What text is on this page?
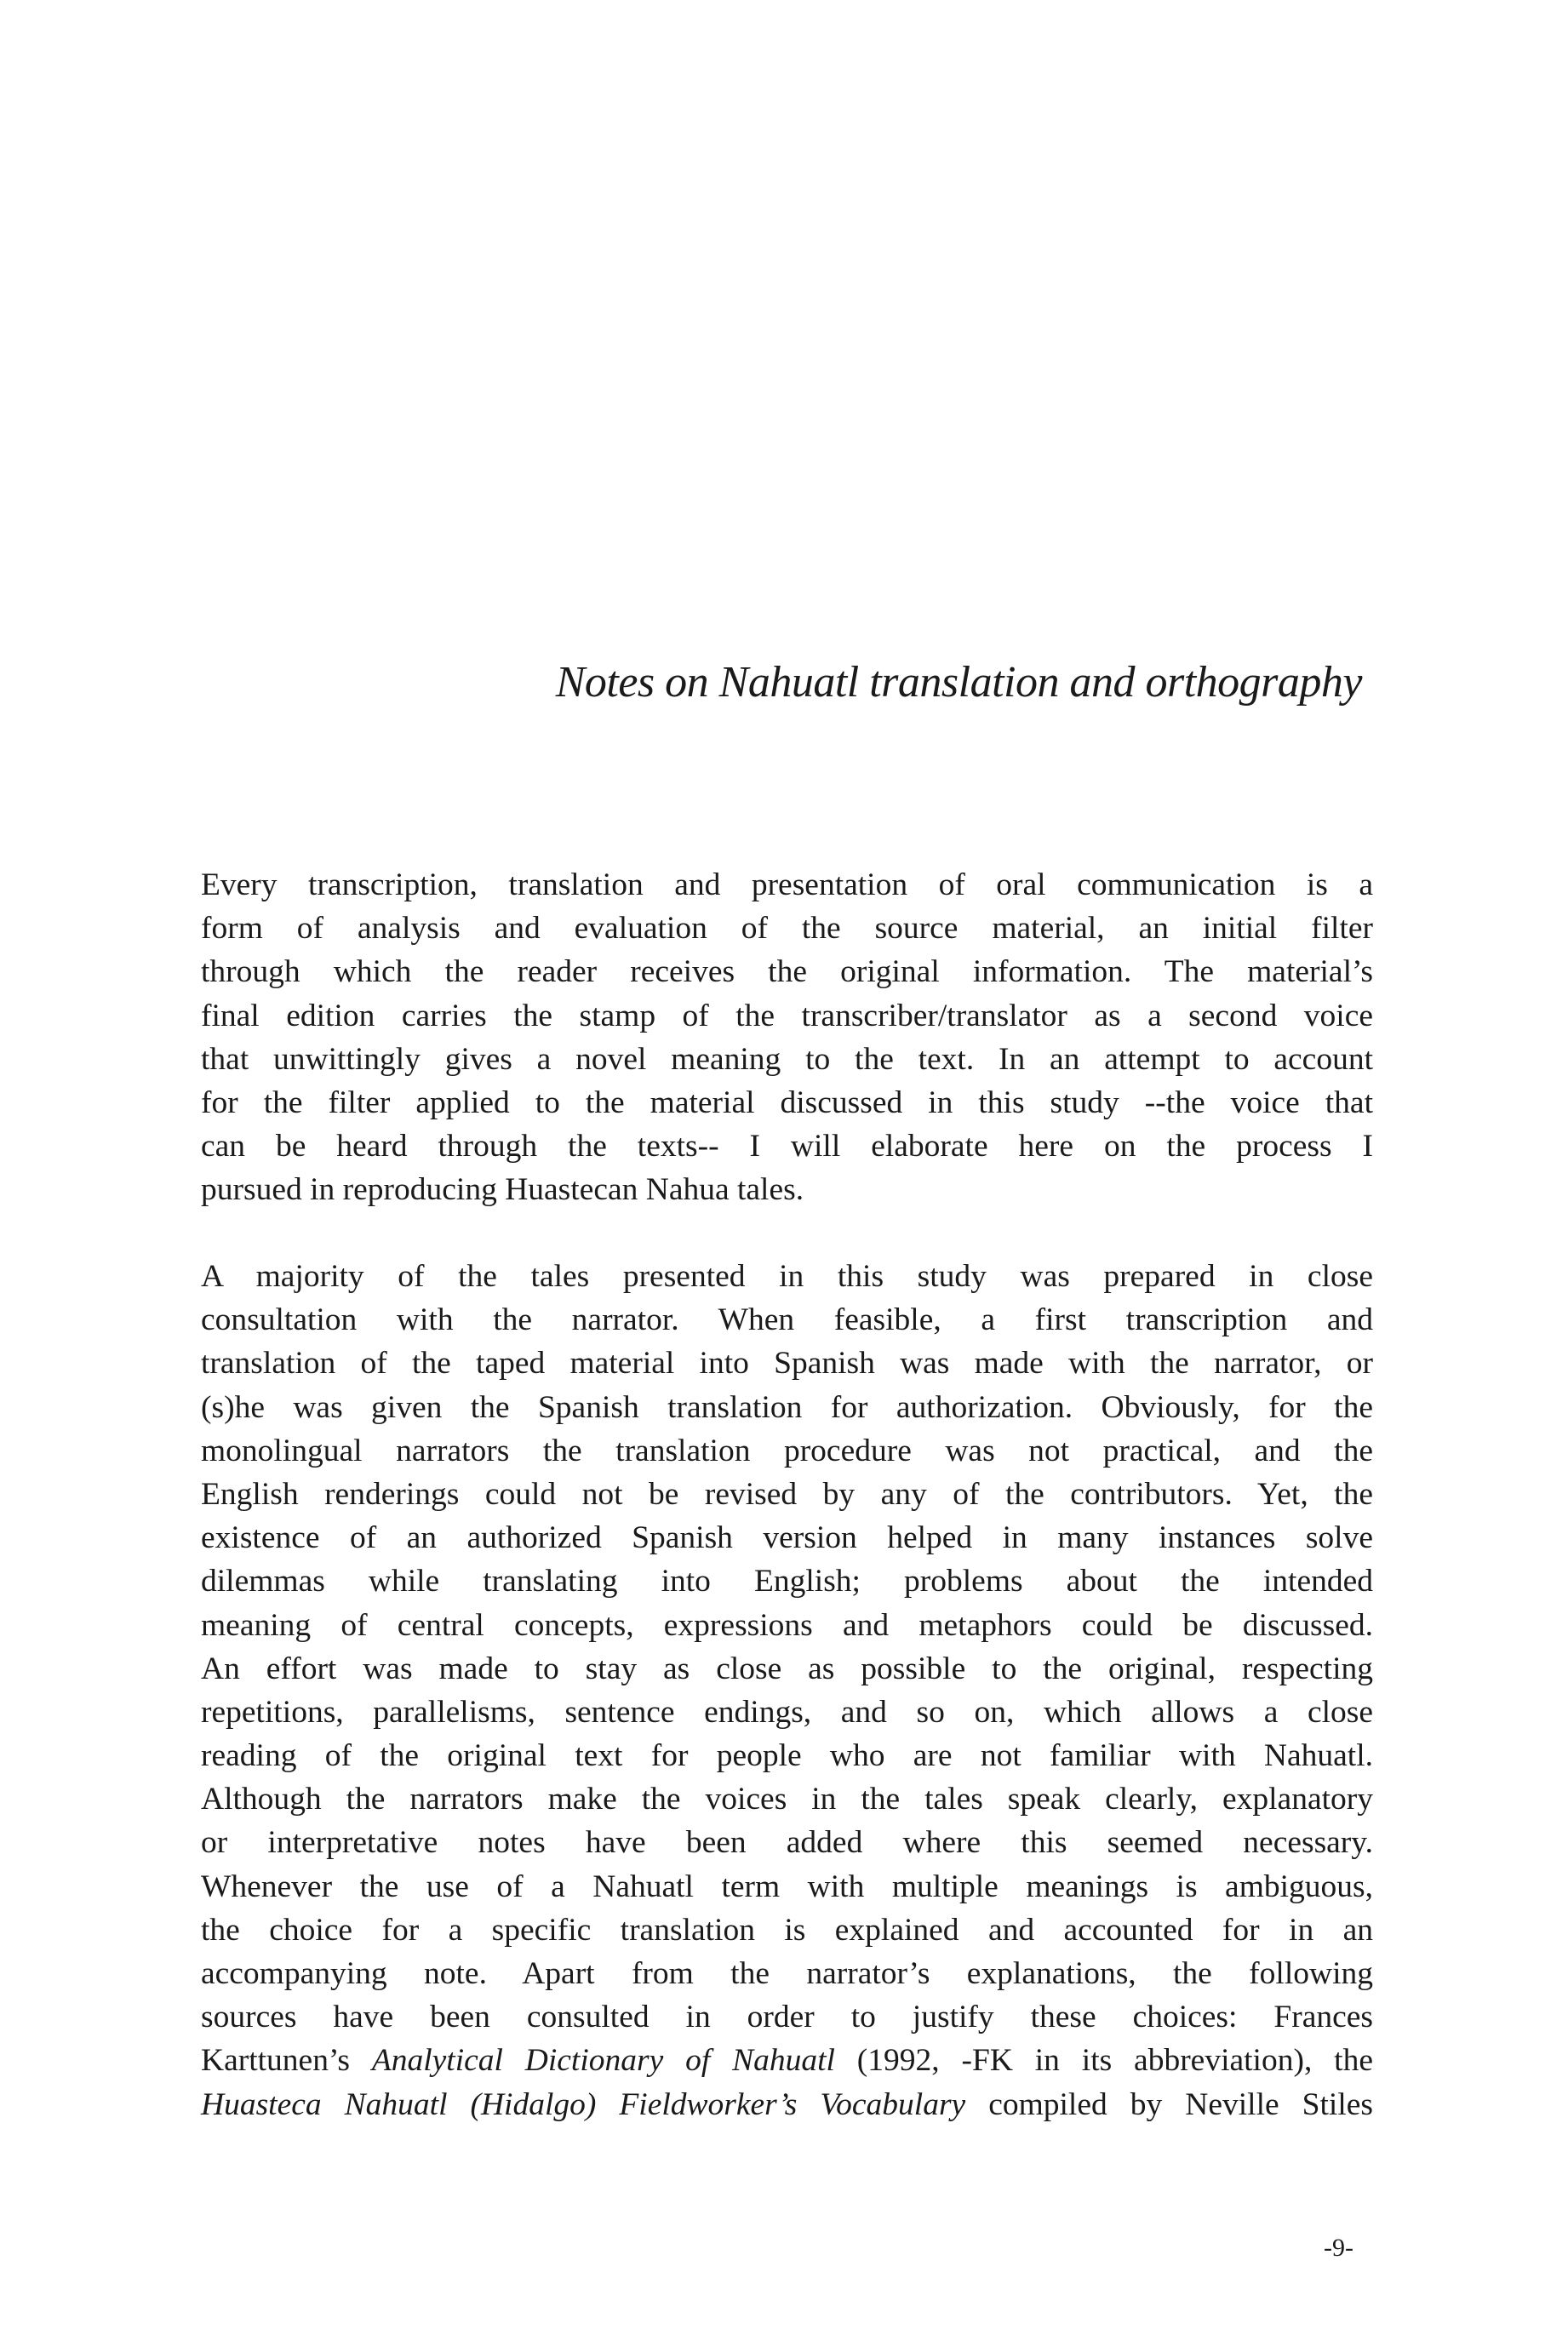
Notes on Nahuatl translation and orthography
Every transcription, translation and presentation of oral communication is a
form of analysis and evaluation of the source material, an initial filter
through which the reader receives the original information. The material’s
final edition carries the stamp of the transcriber/translator as a second voice
that unwittingly gives a novel meaning to the text. In an attempt to account
for the filter applied to the material discussed in this study --the voice that
can be heard through the texts-- I will elaborate here on the process I
pursued in reproducing Huastecan Nahua tales.
A majority of the tales presented in this study was prepared in close
consultation with the narrator. When feasible, a first transcription and
translation of the taped material into Spanish was made with the narrator, or
(s)he was given the Spanish translation for authorization. Obviously, for the
monolingual narrators the translation procedure was not practical, and the
English renderings could not be revised by any of the contributors. Yet, the
existence of an authorized Spanish version helped in many instances solve
dilemmas while translating into English; problems about the intended
meaning of central concepts, expressions and metaphors could be discussed.
An effort was made to stay as close as possible to the original, respecting
repetitions, parallelisms, sentence endings, and so on, which allows a close
reading of the original text for people who are not familiar with Nahuatl.
Although the narrators make the voices in the tales speak clearly, explanatory
or interpretative notes have been added where this seemed necessary.
Whenever the use of a Nahuatl term with multiple meanings is ambiguous,
the choice for a specific translation is explained and accounted for in an
accompanying note. Apart from the narrator’s explanations, the following
sources have been consulted in order to justify these choices: Frances
Karttunen’s Analytical Dictionary of Nahuatl (1992, -FK in its abbreviation), the
Huasteca Nahuatl (Hidalgo) Fieldworker’s Vocabulary compiled by Neville Stiles
-9-
